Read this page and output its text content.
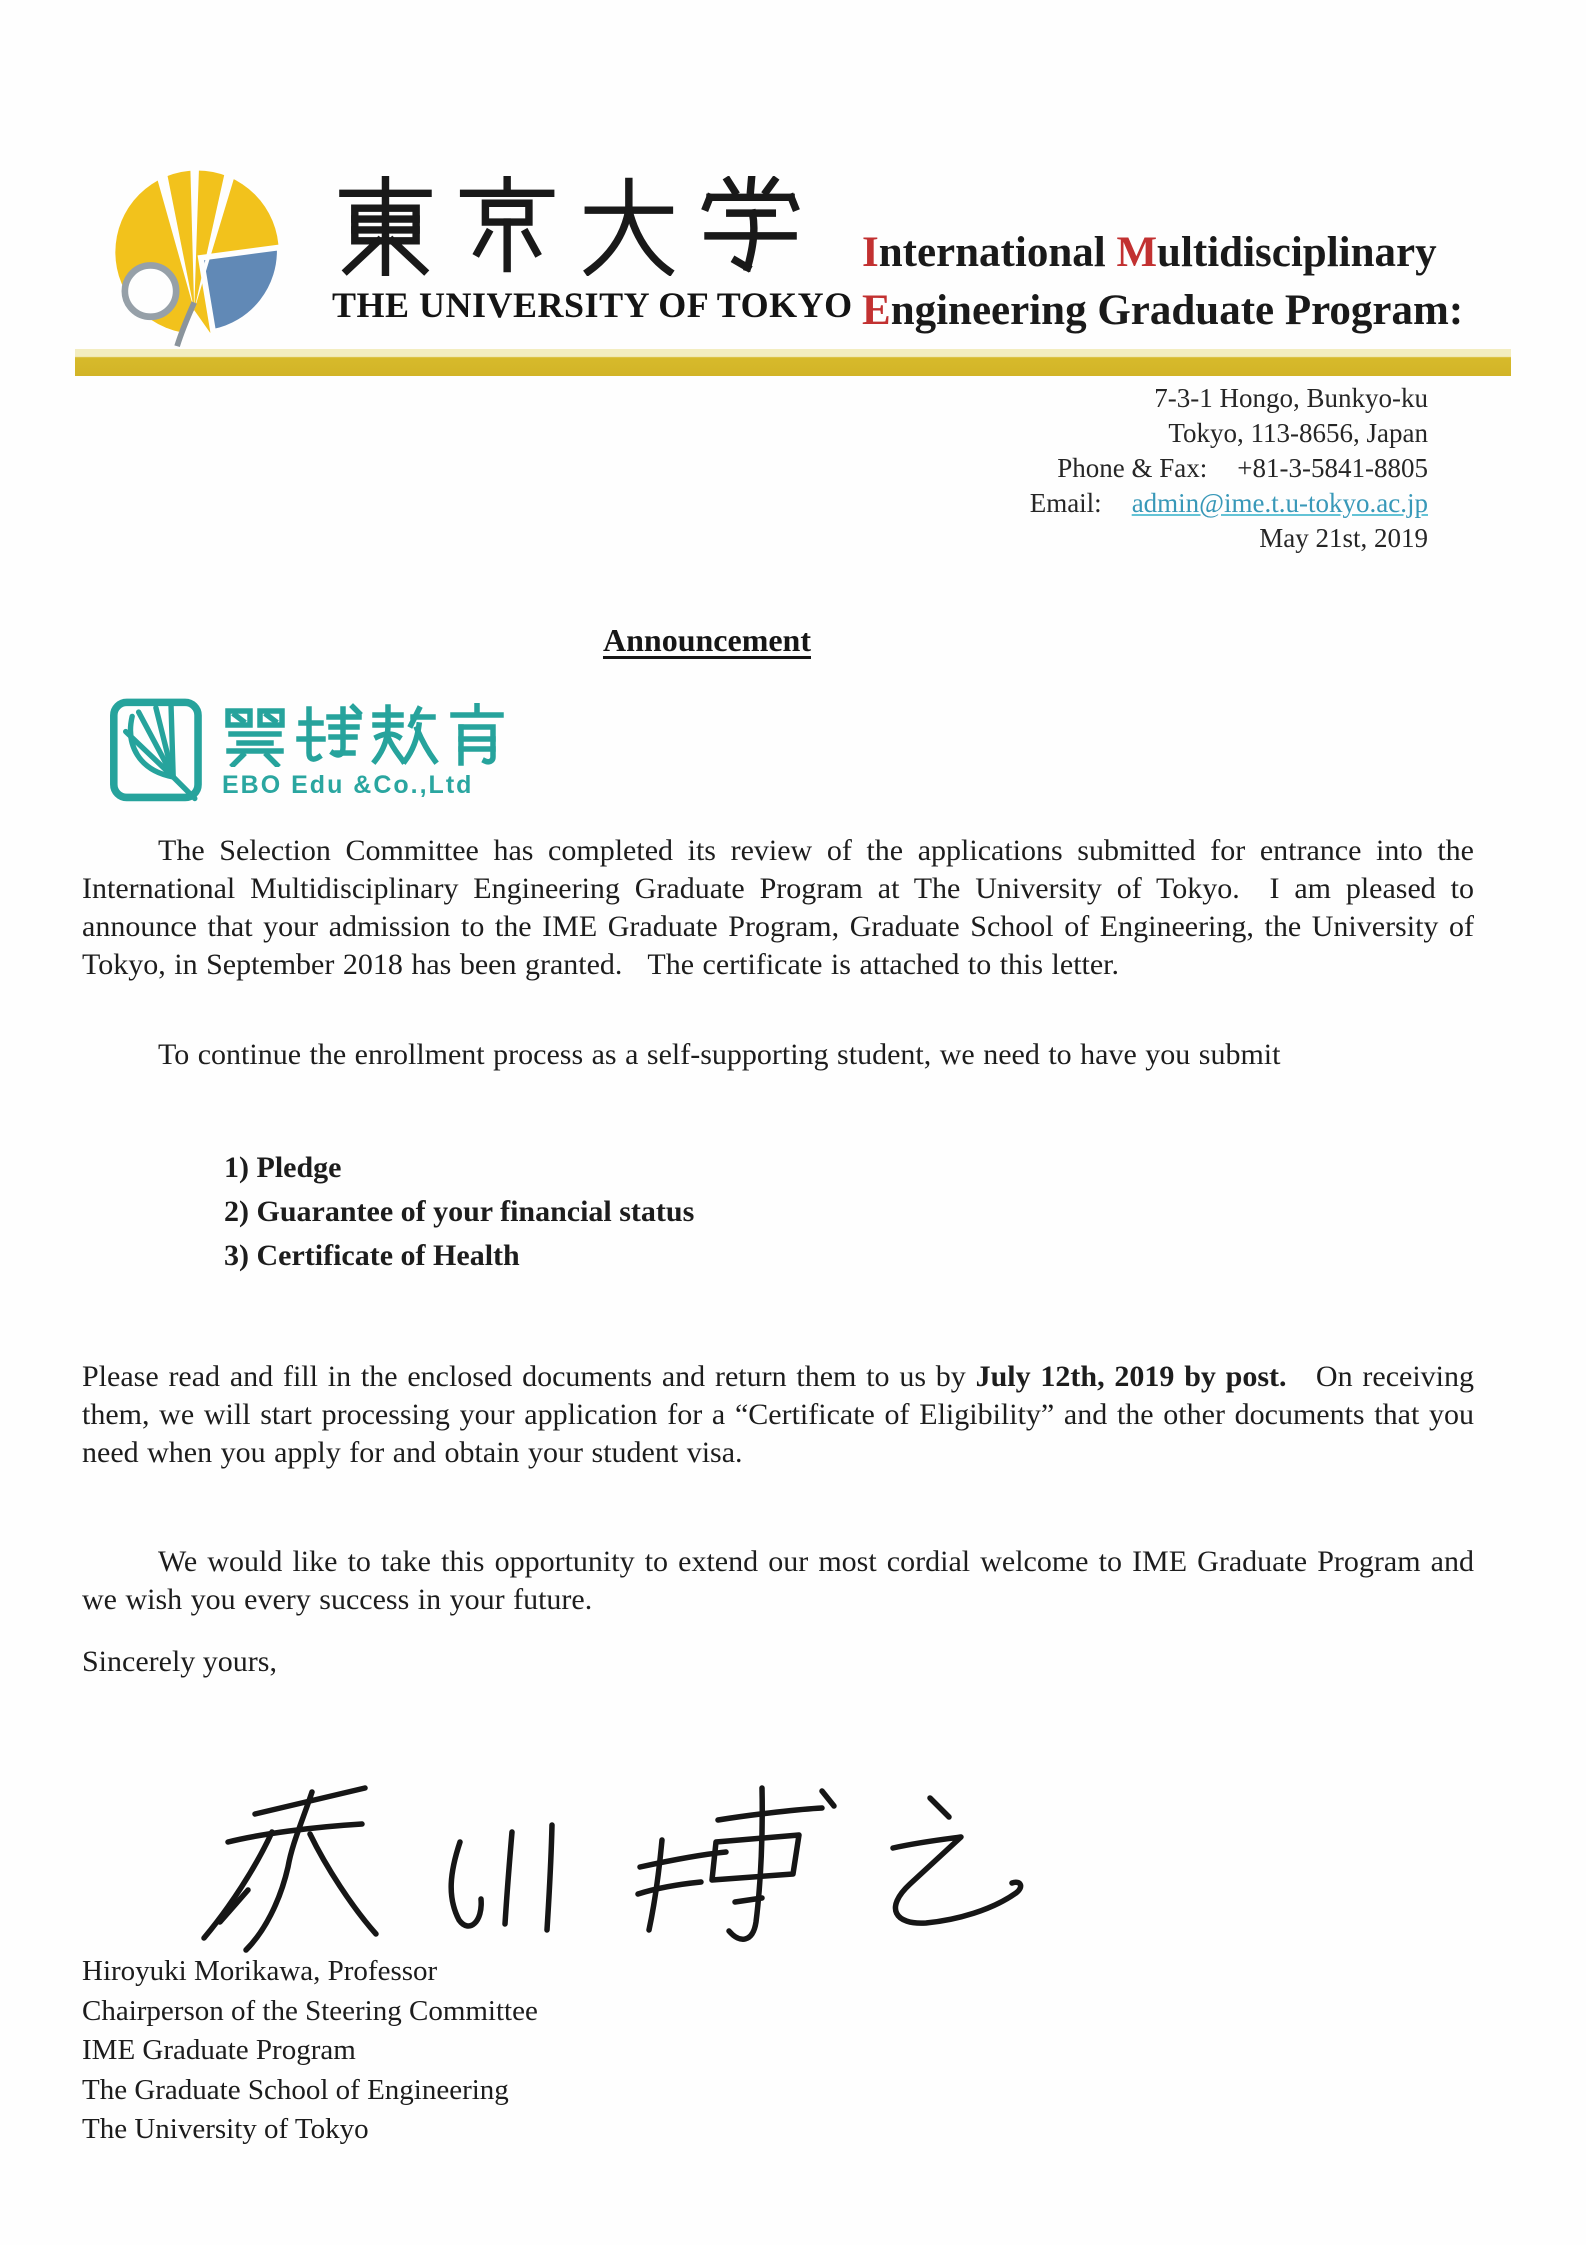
THE UNIVERSITY OF TOKYO
International Multidisciplinary
Engineering Graduate Program:
7-3-1 Hongo, Bunkyo-ku
Tokyo, 113-8656, Japan
Phone & Fax: +81-3-5841-8805
Email: admin@ime.t.u-tokyo.ac.jp
May 21st, 2019
Announcement
EBO Edu &Co.,Ltd

The Selection Committee has completed its review of the applications submitted for entrance into the International Multidisciplinary Engineering Graduate Program at The University of Tokyo.  I am pleased to announce that your admission to the IME Graduate Program, Graduate School of Engineering, the University of Tokyo, in September 2018 has been granted.   The certificate is attached to this letter.

To continue the enrollment process as a self-supporting student, we need to have you submit

1) Pledge
2) Guarantee of your financial status
3) Certificate of Health

Please read and fill in the enclosed documents and return them to us by July 12th, 2019 by post.   On receiving them, we will start processing your application for a “Certificate of Eligibility” and the other documents that you need when you apply for and obtain your student visa.

We would like to take this opportunity to extend our most cordial welcome to IME Graduate Program and we wish you every success in your future.

Sincerely yours,
Hiroyuki Morikawa, Professor
Chairperson of the Steering Committee
IME Graduate Program
The Graduate School of Engineering
The University of Tokyo
